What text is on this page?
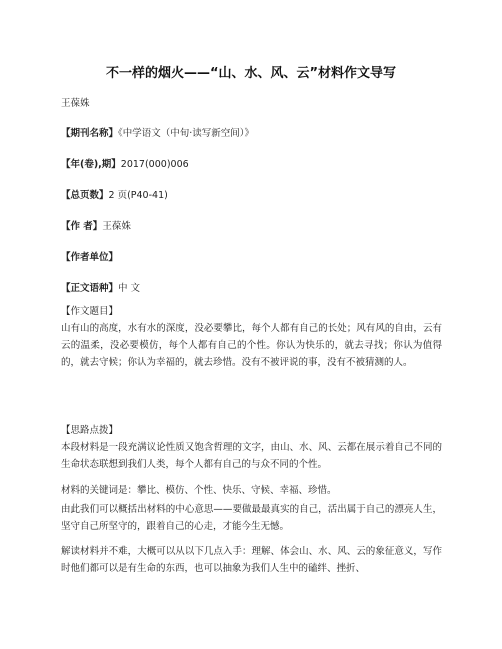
不一样的烟火——“山、水、风、云”材料作文导写
王葆姝
【期刊名称】《中学语文（中旬·读写新空间）》
【年(卷),期】2017(000)006
【总页数】2 页(P40-41)
【作 者】王葆姝
【作者单位】
【正文语种】中 文
【作文题目】
山有山的高度，水有水的深度，没必要攀比，每个人都有自己的长处；风有风的自由，云有云的温柔，没必要模仿，每个人都有自己的个性。你认为快乐的，就去寻找；你认为值得的，就去守候；你认为幸福的，就去珍惜。没有不被评说的事，没有不被猜测的人。
【思路点拨】
本段材料是一段充满议论性质又饱含哲理的文字，由山、水、风、云都在展示着自己不同的生命状态联想到我们人类，每个人都有自己的与众不同的个性。
材料的关键词是：攀比、模仿、个性、快乐、守候、幸福、珍惜。
由此我们可以概括出材料的中心意思——要做最最真实的自己，活出属于自己的漂亮人生，坚守自己所坚守的，跟着自己的心走，才能今生无憾。
解读材料并不难，大概可以从以下几点入手：理解、体会山、水、风、云的象征意义，写作时他们都可以是有生命的东西，也可以抽象为我们人生中的磕绊、挫折、
